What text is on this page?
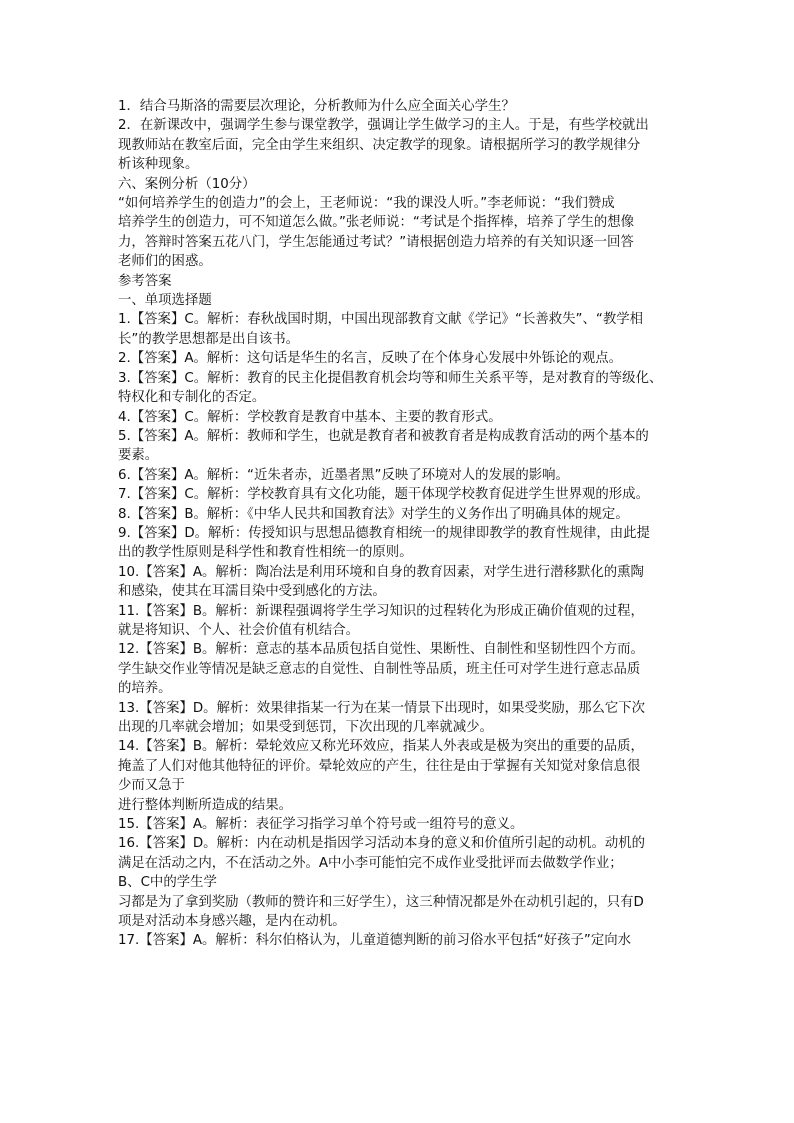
1．结合马斯洛的需要层次理论，分析教师为什么应全面关心学生？
2．在新课改中，强调学生参与课堂教学，强调让学生做学习的主人。于是，有些学校就出
现教师站在教室后面，完全由学生来组织、决定教学的现象。请根据所学习的教学规律分
析该种现象。
六、案例分析（10分）
“如何培养学生的创造力”的会上，王老师说：“我的课没人听。”李老师说：“我们赞成
培养学生的创造力，可不知道怎么做。”张老师说：“考试是个指挥棒，培养了学生的想像
力，答辩时答案五花八门，学生怎能通过考试？”请根据创造力培养的有关知识逐一回答
老师们的困惑。
参考答案
一、单项选择题
1.【答案】C。解析：春秋战国时期，中国出现部教育文献《学记》“长善救失”、“教学相
长”的教学思想都是出自该书。
2.【答案】A。解析：这句话是华生的名言，反映了在个体身心发展中外铄论的观点。
3.【答案】C。解析：教育的民主化提倡教育机会均等和师生关系平等，是对教育的等级化、
特权化和专制化的否定。
4.【答案】C。解析：学校教育是教育中基本、主要的教育形式。
5.【答案】A。解析：教师和学生，也就是教育者和被教育者是构成教育活动的两个基本的
要素。
6.【答案】A。解析：“近朱者赤，近墨者黑”反映了环境对人的发展的影响。
7.【答案】C。解析：学校教育具有文化功能，题干体现学校教育促进学生世界观的形成。
8.【答案】B。解析：《中华人民共和国教育法》对学生的义务作出了明确具体的规定。
9.【答案】D。解析：传授知识与思想品德教育相统一的规律即教学的教育性规律，由此提
出的教学性原则是科学性和教育性相统一的原则。
10.【答案】A。解析：陶冶法是利用环境和自身的教育因素，对学生进行潜移默化的熏陶
和感染，使其在耳濡目染中受到感化的方法。
11.【答案】B。解析：新课程强调将学生学习知识的过程转化为形成正确价值观的过程，
就是将知识、个人、社会价值有机结合。
12.【答案】B。解析：意志的基本品质包括自觉性、果断性、自制性和坚韧性四个方而。
学生缺交作业等情况是缺乏意志的自觉性、自制性等品质，班主任可对学生进行意志品质
的培养。
13.【答案】D。解析：效果律指某一行为在某一情景下出现时，如果受奖励，那么它下次
出现的几率就会增加；如果受到惩罚，下次出现的几率就减少。
14.【答案】B。解析：晕轮效应又称光环效应，指某人外表或是极为突出的重要的品质，
掩盖了人们对他其他特征的评价。晕轮效应的产生，往往是由于掌握有关知觉对象信息很
少而又急于
进行整体判断所造成的结果。
15.【答案】A。解析：表征学习指学习单个符号或一组符号的意义。
16.【答案】D。解析：内在动机是指因学习活动本身的意义和价值所引起的动机。动机的
满足在活动之内，不在活动之外。A中小李可能怕完不成作业受批评而去做数学作业；
B、C中的学生学
习都是为了拿到奖励（教师的赞许和三好学生），这三种情况都是外在动机引起的，只有D
项是对活动本身感兴趣，是内在动机。
17.【答案】A。解析：科尔伯格认为，儿童道德判断的前习俗水平包括“好孩子”定向水
